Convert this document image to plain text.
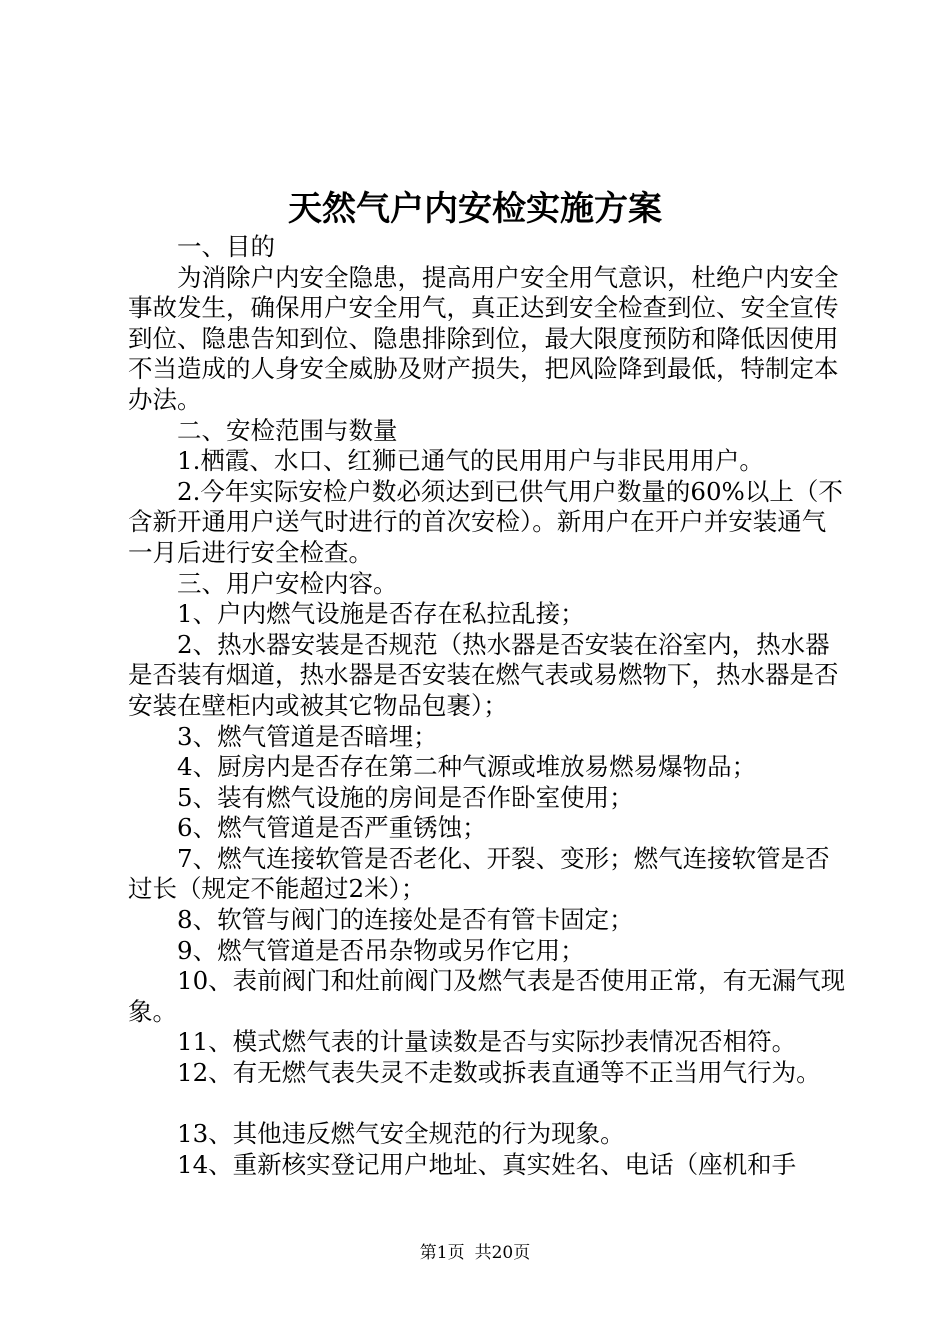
天然气户内安检实施方案

一、目的

为消除户内安全隐患，提高用户安全用气意识，杜绝户内安全事故发生，确保用户安全用气，真正达到安全检查到位、安全宣传到位、隐患告知到位、隐患排除到位，最大限度预防和降低因使用不当造成的人身安全威胁及财产损失，把风险降到最低，特制定本办法。

二、安检范围与数量

1.栖霞、水口、红狮已通气的民用用户与非民用用户。

2.今年实际安检户数必须达到已供气用户数量的60%以上（不含新开通用户送气时进行的首次安检）。新用户在开户并安装通气一月后进行安全检查。

三、用户安检内容。

1、户内燃气设施是否存在私拉乱接；

2、热水器安装是否规范（热水器是否安装在浴室内，热水器是否装有烟道，热水器是否安装在燃气表或易燃物下，热水器是否安装在壁柜内或被其它物品包裹）；

3、燃气管道是否暗埋；

4、厨房内是否存在第二种气源或堆放易燃易爆物品；

5、装有燃气设施的房间是否作卧室使用；

6、燃气管道是否严重锈蚀；

7、燃气连接软管是否老化、开裂、变形；燃气连接软管是否过长（规定不能超过2米）；

8、软管与阀门的连接处是否有管卡固定；

9、燃气管道是否吊杂物或另作它用；

10、表前阀门和灶前阀门及燃气表是否使用正常，有无漏气现象。

11、模式燃气表的计量读数是否与实际抄表情况否相符。

12、有无燃气表失灵不走数或拆表直通等不正当用气行为。

13、其他违反燃气安全规范的行为现象。

14、重新核实登记用户地址、真实姓名、电话（座机和手

第1页 共20页
